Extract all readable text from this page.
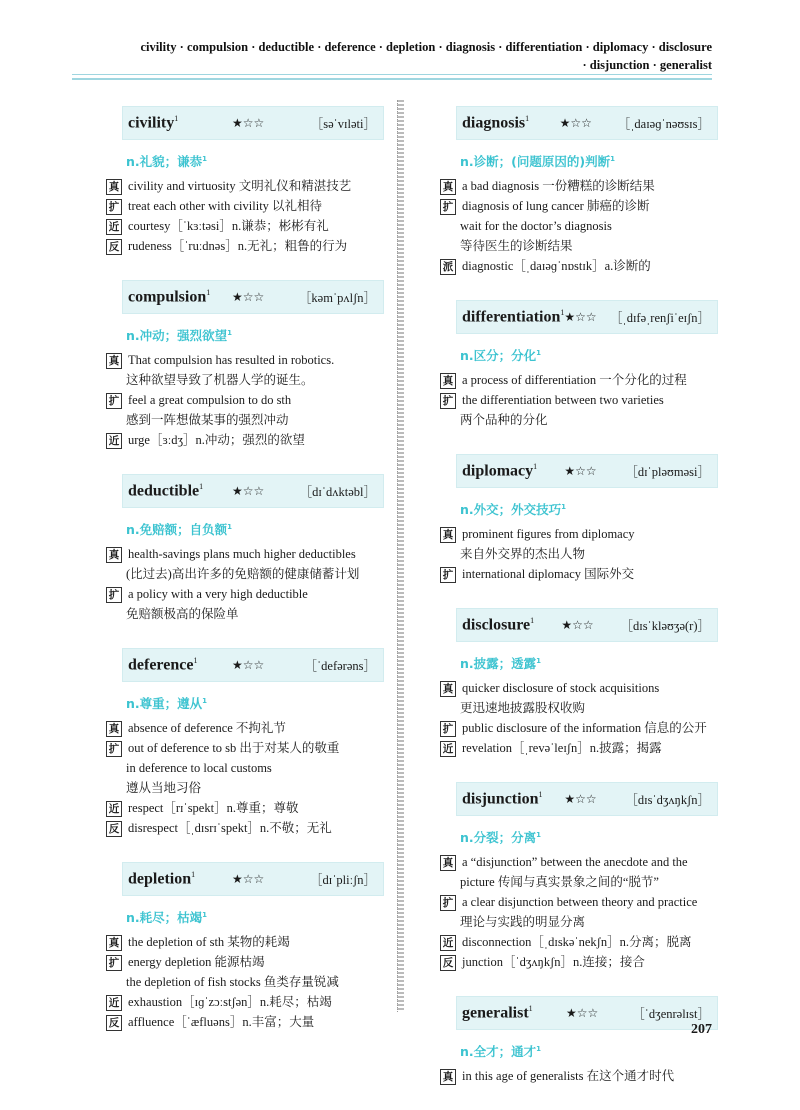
civility · compulsion · deductible · deference · depletion · diagnosis · differentiation · diplomacy · disclosure
· disjunction · generalist
civility$^1$	★☆☆	［səˈvɪləti］
n.礼貌；谦恭$^1$
真 civility and virtuosity 文明礼仪和精湛技艺
扩 treat each other with civility 以礼相待
近 courtesy［ˈkɜːtəsi］n.谦恭；彬彬有礼
反 rudeness［ˈruːdnəs］n.无礼；粗鲁的行为
compulsion$^1$	★☆☆	［kəmˈpʌlʃn］
n.冲动；强烈欲望$^1$
真 That compulsion has resulted in robotics.
这种欲望导致了机器人学的诞生。
扩 feel a great compulsion to do sth
感到一阵想做某事的强烈冲动
近 urge［ɜːdʒ］n.冲动；强烈的欲望
deductible$^1$	★☆☆	［dɪˈdʌktəbl］
n.免赔额；自负额$^1$
真 health-savings plans much higher deductibles
(比过去)高出许多的免赔额的健康储蓄计划
扩 a policy with a very high deductible
免赔额极高的保险单
deference$^1$	★☆☆	［ˈdefərəns］
n.尊重；遵从$^1$
真 absence of deference 不拘礼节
扩 out of deference to sb 出于对某人的敬重
in deference to local customs
遵从当地习俗
近 respect［rɪˈspekt］n.尊重；尊敬
反 disrespect［ˌdɪsrɪˈspekt］n.不敬；无礼
depletion$^1$	★☆☆	［dɪˈpliːʃn］
n.耗尽；枯竭$^1$
真 the depletion of sth 某物的耗竭
扩 energy depletion 能源枯竭
the depletion of fish stocks 鱼类存量锐减
近 exhaustion［ɪɡˈzɔːstʃən］n.耗尽；枯竭
反 affluence［ˈæfluəns］n.丰富；大量
diagnosis$^1$	★☆☆	［ˌdaɪəɡˈnəʊsɪs］
n.诊断；(问题原因的)判断$^1$
真 a bad diagnosis 一份糟糕的诊断结果
扩 diagnosis of lung cancer 肺癌的诊断
wait for the doctor’s diagnosis
等待医生的诊断结果
派 diagnostic［ˌdaɪəɡˈnɒstɪk］a.诊断的
differentiation$^1$ ★☆☆	［ˌdɪfəˌrenʃiˈeɪʃn］
n.区分；分化$^1$
真 a process of differentiation 一个分化的过程
扩 the differentiation between two varieties
两个品种的分化
diplomacy$^1$	★☆☆	［dɪˈpləʊməsi］
n.外交；外交技巧$^1$
真 prominent figures from diplomacy
来自外交界的杰出人物
扩 international diplomacy 国际外交
disclosure$^1$	★☆☆	［dɪsˈkləʊʒə(r)］
n.披露；透露$^1$
真 quicker disclosure of stock acquisitions
更迅速地披露股权收购
扩 public disclosure of the information 信息的公开
近 revelation［ˌrevəˈleɪʃn］n.披露；揭露
disjunction$^1$	★☆☆	［dɪsˈdʒʌŋkʃn］
n.分裂；分离$^1$
真 a “disjunction” between the anecdote and the
picture 传闻与真实景象之间的“脱节”
扩 a clear disjunction between theory and practice
理论与实践的明显分离
近 disconnection［ˌdɪskəˈnekʃn］n.分离；脱离
反 junction［ˈdʒʌŋkʃn］n.连接；接合
generalist$^1$	★☆☆	［ˈdʒenrəlɪst］
n.全才；通才$^1$
真 in this age of generalists 在这个通才时代
207
